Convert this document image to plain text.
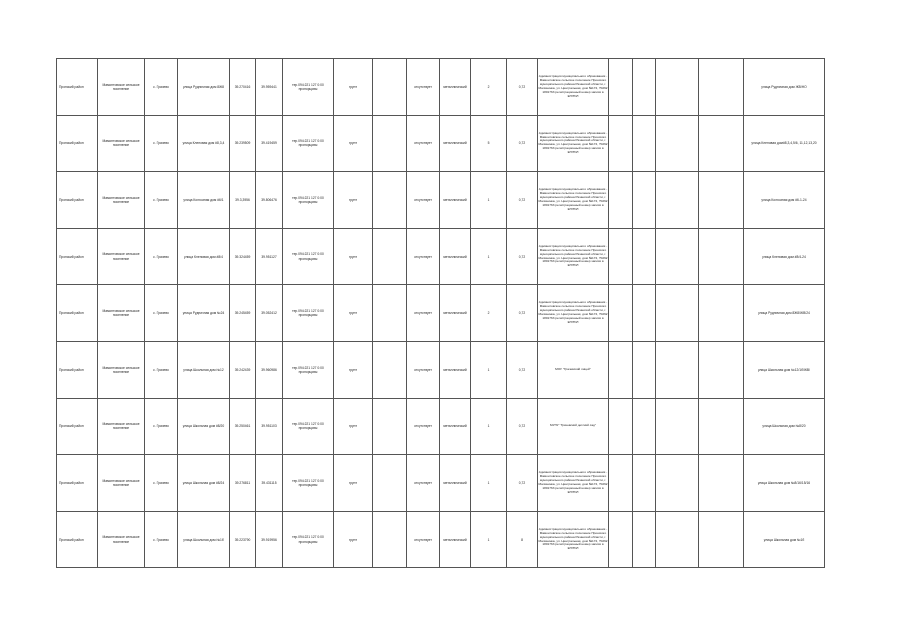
Пронский район	Мамонтовское сельское поселение	с. Грачево	улица Рудничная дом 8Ж8	39.270416	39.959441	тер.094:221 127 0:00 пропорцовы	грунт		отсутствует	металлический	2	0,72	Администрация муниципального образования - Мамонтовское сельское поселение Пронского муниципального района Рязанской области, г. Малининка, ул. Центральная, дом №172, ?0262 1801763 регистрационный номер записи в ЕГРЮЛ					улица Рудничная дом ЖВ/НО
Пронский район	Мамонтовское сельское поселение	с. Грачево	улица Кленовая дом #8,3,4	39.239509	39.419459	тер.094:221 127 0:00 пропорцовы	грунт		отсутствует	металлический	5	0,72	Администрация муниципального образования - Мамонтовское сельское поселение Пронского муниципального района Рязанской области, г. Малининка, ул. Центральная, дом №172, ?0262 1801763 регистрационный номер записи в ЕГРЮЛ					улица Кленовая дом#8,3,4,5/6, 11,12,13,20
Пронский район	Мамонтовское сельское поселение	с. Грачево	улица Колхозная дом #6/1	39.3,3956	39.806476	тер.094:221 127 0:00 пропорцовы	грунт		отсутствует	металлический	1	0,72	Администрация муниципального образования - Мамонтовское сельское поселение Пронского муниципального района Рязанской области, г. Малининка, ул. Центральная, дом №172, ?0262 1801763 регистрационный номер записи в ЕГРЮЛ					улица Колхозная дом #6-1-24
Пронский район	Мамонтовское сельское поселение	с. Грачево	улица Кленовая дом #8/4	39.324459	39.951127	тер.094:221 127 0:00 пропорцовы	грунт		отсутствует	металлический	1	0,72	Администрация муниципального образования - Мамонтовское сельское поселение Пронского муниципального района Рязанской области, г. Малининка, ул. Центральная, дом №172, ?0262 1801763 регистрационный номер записи в ЕГРЮЛ					улица Кленовая дом #8/4-24
Пронский район	Мамонтовское сельское поселение	с. Грачево	улица Рудничная дом №24	39.245459	39.052412	тер.094:221 127 0:00 пропорцовы	грунт		отсутствует	металлический	2	0,72	Администрация муниципального образования - Мамонтовское сельское поселение Пронского муниципального района Рязанской области, г. Малининка, ул. Центральная, дом №172, ?0262 1801763 регистрационный номер записи в ЕГРЮЛ					улица Рудничная дом 8Ж8/ЖВ/24
Пронский район	Мамонтовское сельское поселение	с. Грачево	улица Школьная дом №12	39.242439	39.960986	тер.094:221 127 0:00 пропорцовы	грунт		отсутствует	металлический	1	0,72	МОУ "Грачевский лицей"					улица Школьная дом №12/1б/ЖВ/
Пронский район	Мамонтовское сельское поселение	с. Грачево	улица Школьная дом #8/20	39.250461	39.951103	тер.094:221 127 0:00 пропорцовы	грунт		отсутствует	металлический	1	0,72	МУПУ "Грачевский детский сад"					улица Школьная дом №8/20
Пронский район	Мамонтовское сельское поселение	с. Грачево	улица Школьная дом #8/24	39.276811	39.431115	тер.094:221 127 0:00 пропорцовы	грунт		отсутствует	металлический	1	0,72	Администрация муниципального образования - Мамонтовское сельское поселение Пронского муниципального района Рязанской области, г. Малининка, ул. Центральная, дом №172, ?0262 1801763 регистрационный номер записи в ЕГРЮЛ					улица Школьная дом №8/16/15/16
Пронский район	Мамонтовское сельское поселение	с. Грачево	улица Школьная дом №1б	39.223790	39.919956	тер.094:221 127 0:00 пропорцовы	грунт		отсутствует	металлический	1	8	Администрация муниципального образования - Мамонтовское сельское поселение Пронского муниципального района Рязанской области, г. Малининка, ул. Центральная, дом №172, ?0262 1801763 регистрационный номер записи в ЕГРЮЛ					улица Школьная дом №1б
